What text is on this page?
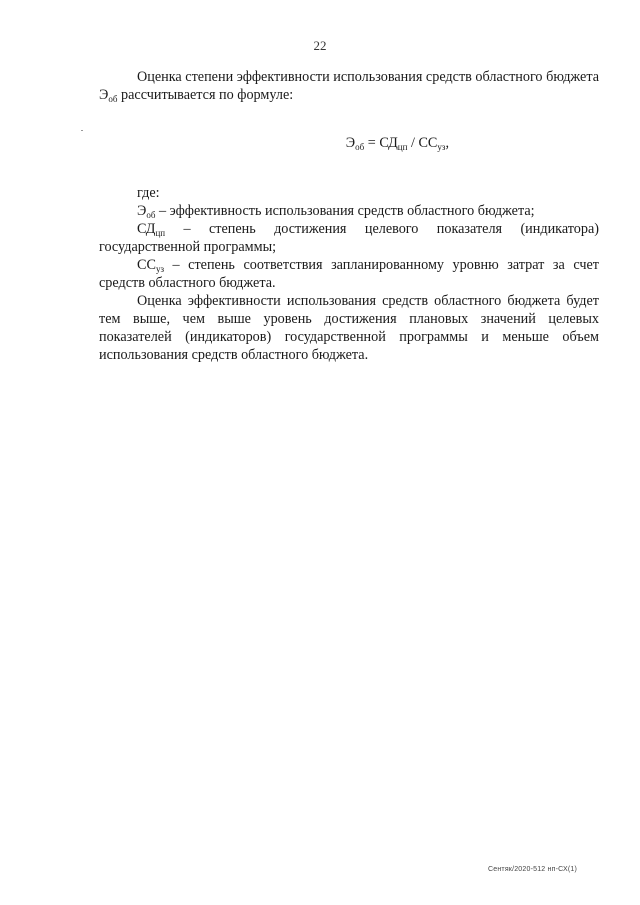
22

Оценка степени эффективности использования средств областного бюджета $Э_{об}$ рассчитывается по формуле:

$Э_{об} = СД_{цп} / СС_{уз}$,

где:

$Э_{об}$ – эффективность использования средств областного бюджета;

$СД_{цп}$ – степень достижения целевого показателя (индикатора) государственной программы;

$СС_{уз}$ – степень соответствия запланированному уровню затрат за счет средств областного бюджета.

Оценка эффективности использования средств областного бюджета будет тем выше, чем выше уровень достижения плановых значений целевых показателей (индикаторов) государственной программы и меньше объем использования средств областного бюджета.

Сентяк/2020-512 нп-СХ(1)
